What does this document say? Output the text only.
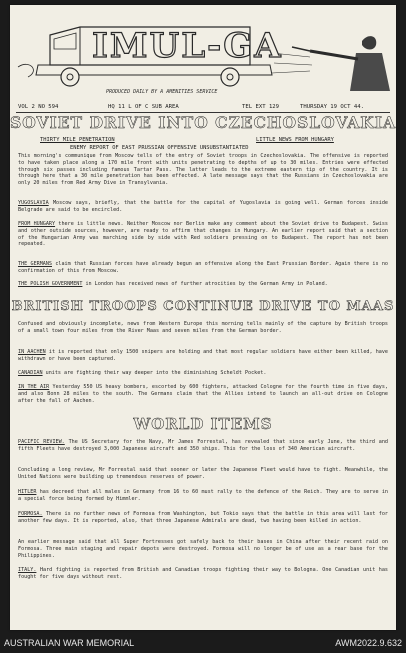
IMUL-GA
PRODUCED DAILY BY A AMENITIES SERVICE
VOL 2 NO 594	HQ 11 L OF C SUB AREA	TEL EXT 129	THURSDAY 19 OCT 44.
SOVIET DRIVE INTO CZECHOSLOVAKIA
THIRTY MILE PENETRATION	LITTLE NEWS FROM HUNGARY
ENEMY REPORT OF EAST PRUSSIAN OFFENSIVE UNSUBSTANTIATED

This morning's communique from Moscow tells of the entry of Soviet troops in Czechoslovakia. The offensive is reported to have taken place along a 170 mile front with units penetrating to depths of up to 30 miles. Entries were effected through six passes including famous Tartar Pass. The latter leads to the extreme eastern tip of the country. It is through here that a 30 mile penetration has been effected. A late message says that the Russians in Czechoslovakia are only 20 miles from Red Army Dive in Transylvania.

YUGOSLAVIA Moscow says, briefly, that the battle for the capital of Yugoslavia is going well. German forces inside Belgrade are said to be encircled.

FROM HUNGARY there is little news. Neither Moscow nor Berlin make any comment about the Soviet drive to Budapest. Swiss and other outside sources, however, are ready to affirm that changes in Hungary. An earlier report said that a section of the Hungarian Army was marching side by side with Red soldiers pressing on to Budapest. The report has not been repeated.

THE GERMANS claim that Russian forces have already begun an offensive along the East Prussian Border. Again there is no confirmation of this from Moscow.

THE POLISH GOVERNMENT in London has received news of further atrocities by the German Army in Poland.

BRITISH TROOPS CONTINUE DRIVE TO MAAS

Confused and obviously incomplete, news from Western Europe this morning tells mainly of the capture by British troops of a small town four miles from the River Maas and seven miles from the German border.

IN AACHEN it is reported that only 1500 snipers are holding and that most regular soldiers have either been killed, have withdrawn or have been captured.

CANADIAN units are fighting their way deeper into the diminishing Scheldt Pocket.

IN THE AIR Yesterday 550 US heavy bombers, escorted by 600 fighters, attacked Cologne for the fourth time in five days, and also Bonn 28 miles to the south. The Germans claim that the Allies intend to launch an all-out drive on Cologne after the fall of Aachen.

WORLD ITEMS

PACIFIC REVIEW. The US Secretary for the Navy, Mr James Forrestal, has revealed that since early June, the third and fifth Fleets have destroyed 3,000 Japanese aircraft and 350 ships. This for the loss of 340 American aircraft.

Concluding a long review, Mr Forrestal said that sooner or later the Japanese Fleet would have to fight. Meanwhile, the United Nations were building up tremendous reserves of power.

HITLER has decreed that all males in Germany from 16 to 60 must rally to the defence of the Reich. They are to serve in a special force being formed by Himmler.

FORMOSA. There is no further news of Formosa from Washington, but Tokio says that the battle in this area will last for another few days. It is reported, also, that three Japanese Admirals are dead, two having been killed in action.

An earlier message said that all Super Fortresses got safely back to their bases in China after their recent raid on Formosa. Three main staging and repair depots were destroyed. Formosa will no longer be of use as a rear base for the Philippines.

ITALY. Hard fighting is reported from British and Canadian troops fighting their way to Bologna. One Canadian unit has fought for five days without rest.

AUSTRALIAN WAR MEMORIAL	AWM2022.9.632
